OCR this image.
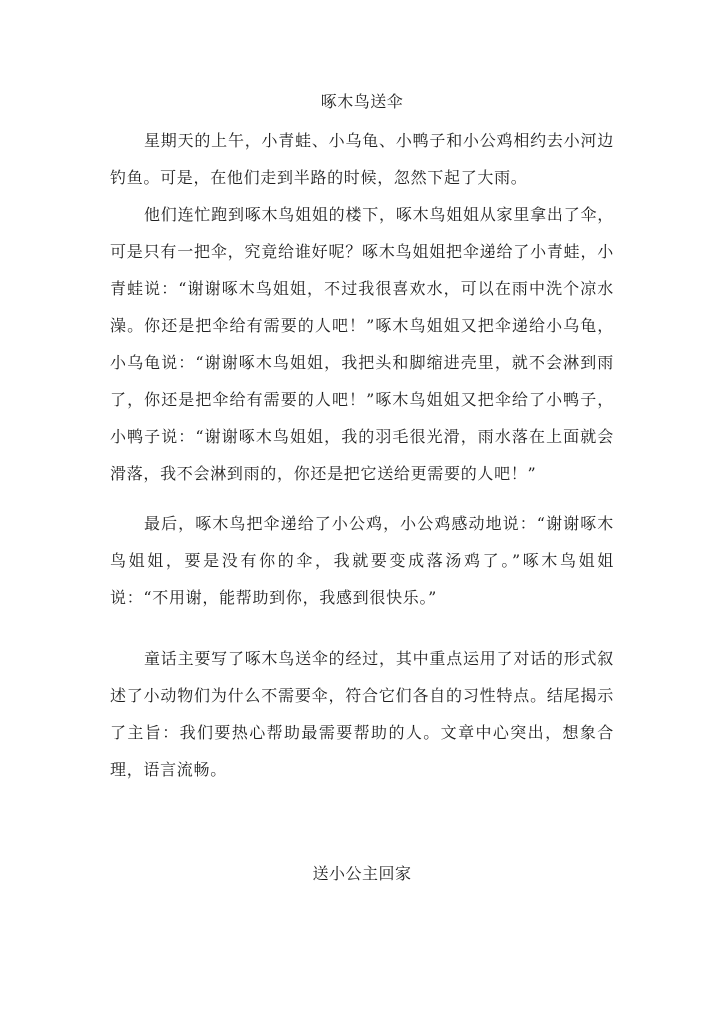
啄木鸟送伞
星期天的上午，小青蛙、小乌龟、小鸭子和小公鸡相约去小河边钓鱼。可是，在他们走到半路的时候，忽然下起了大雨。
他们连忙跑到啄木鸟姐姐的楼下，啄木鸟姐姐从家里拿出了伞，可是只有一把伞，究竟给谁好呢？啄木鸟姐姐把伞递给了小青蛙，小青蛙说：“谢谢啄木鸟姐姐，不过我很喜欢水，可以在雨中洗个凉水澡。你还是把伞给有需要的人吧！”啄木鸟姐姐又把伞递给小乌龟，小乌龟说：“谢谢啄木鸟姐姐，我把头和脚缩进壳里，就不会淋到雨了，你还是把伞给有需要的人吧！”啄木鸟姐姐又把伞给了小鸭子，小鸭子说：“谢谢啄木鸟姐姐，我的羽毛很光滑，雨水落在上面就会滑落，我不会淋到雨的，你还是把它送给更需要的人吧！”
最后，啄木鸟把伞递给了小公鸡，小公鸡感动地说：“谢谢啄木鸟姐姐，要是没有你的伞，我就要变成落汤鸡了。”啄木鸟姐姐说：“不用谢，能帮助到你，我感到很快乐。”
童话主要写了啄木鸟送伞的经过，其中重点运用了对话的形式叙述了小动物们为什么不需要伞，符合它们各自的习性特点。结尾揭示了主旨：我们要热心帮助最需要帮助的人。文章中心突出，想象合理，语言流畅。
送小公主回家
